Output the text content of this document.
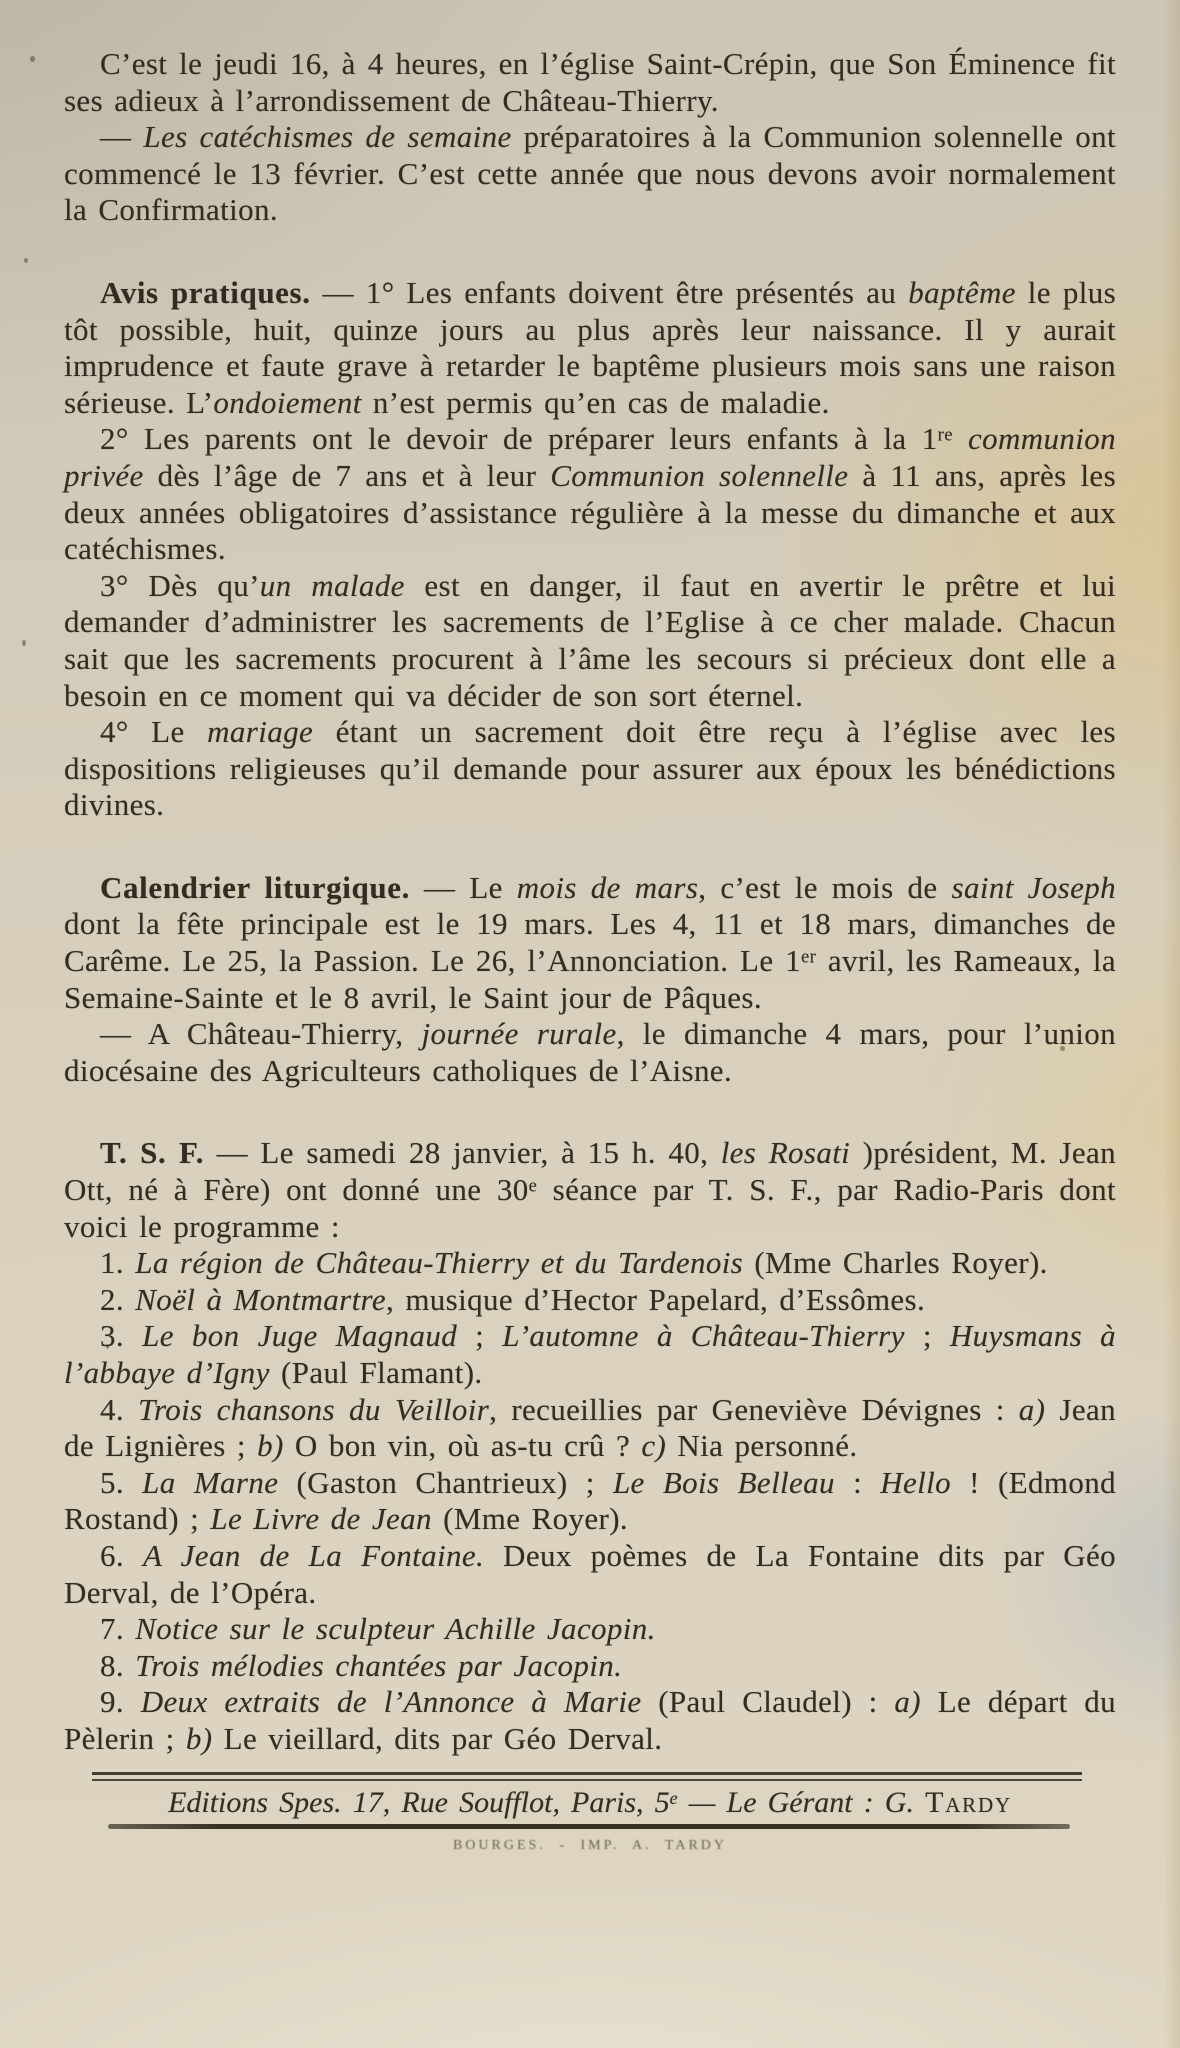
C’est le jeudi 16, à 4 heures, en l’église Saint-Crépin, que Son Éminence fit ses adieux à l’arrondissement de Château-Thierry.

— Les catéchismes de semaine préparatoires à la Communion solennelle ont commencé le 13 février. C’est cette année que nous devons avoir normalement la Confirmation.

Avis pratiques. — 1° Les enfants doivent être présentés au baptême le plus tôt possible, huit, quinze jours au plus après leur naissance. Il y aurait imprudence et faute grave à retarder le baptême plusieurs mois sans une raison sérieuse. L’ondoiement n’est permis qu’en cas de maladie.

2° Les parents ont le devoir de préparer leurs enfants à la 1re communion privée dès l’âge de 7 ans et à leur Communion solennelle à 11 ans, après les deux années obligatoires d’assistance régulière à la messe du dimanche et aux catéchismes.

3° Dès qu’un malade est en danger, il faut en avertir le prêtre et lui demander d’administrer les sacrements de l’Eglise à ce cher malade. Chacun sait que les sacrements procurent à l’âme les secours si précieux dont elle a besoin en ce moment qui va décider de son sort éternel.

4° Le mariage étant un sacrement doit être reçu à l’église avec les dispositions religieuses qu’il demande pour assurer aux époux les bénédictions divines.

Calendrier liturgique. — Le mois de mars, c’est le mois de saint Joseph dont la fête principale est le 19 mars. Les 4, 11 et 18 mars, dimanches de Carême. Le 25, la Passion. Le 26, l’Annonciation. Le 1er avril, les Rameaux, la Semaine-Sainte et le 8 avril, le Saint jour de Pâques.

— A Château-Thierry, journée rurale, le dimanche 4 mars, pour l’union diocésaine des Agriculteurs catholiques de l’Aisne.

T. S. F. — Le samedi 28 janvier, à 15 h. 40, les Rosati )président, M. Jean Ott, né à Fère) ont donné une 30e séance par T. S. F., par Radio-Paris dont voici le programme :

1. La région de Château-Thierry et du Tardenois (Mme Charles Royer).

2. Noël à Montmartre, musique d’Hector Papelard, d’Essômes.

3. Le bon Juge Magnaud ; L’automne à Château-Thierry ; Huysmans à l’abbaye d’Igny (Paul Flamant).

4. Trois chansons du Veilloir, recueillies par Geneviève Dévignes : a) Jean de Lignières ; b) O bon vin, où as-tu crû ? c) Nia personné.

5. La Marne (Gaston Chantrieux) ; Le Bois Belleau : Hello ! (Edmond Rostand) ; Le Livre de Jean (Mme Royer).

6. A Jean de La Fontaine. Deux poèmes de La Fontaine dits par Géo Derval, de l’Opéra.

7. Notice sur le sculpteur Achille Jacopin.

8. Trois mélodies chantées par Jacopin.

9. Deux extraits de l’Annonce à Marie (Paul Claudel) : a) Le départ du Pèlerin ; b) Le vieillard, dits par Géo Derval.

Editions Spes. 17, Rue Soufflot, Paris, 5e — Le Gérant : G. Tardy

BOURGES. - IMP. A. TARDY
